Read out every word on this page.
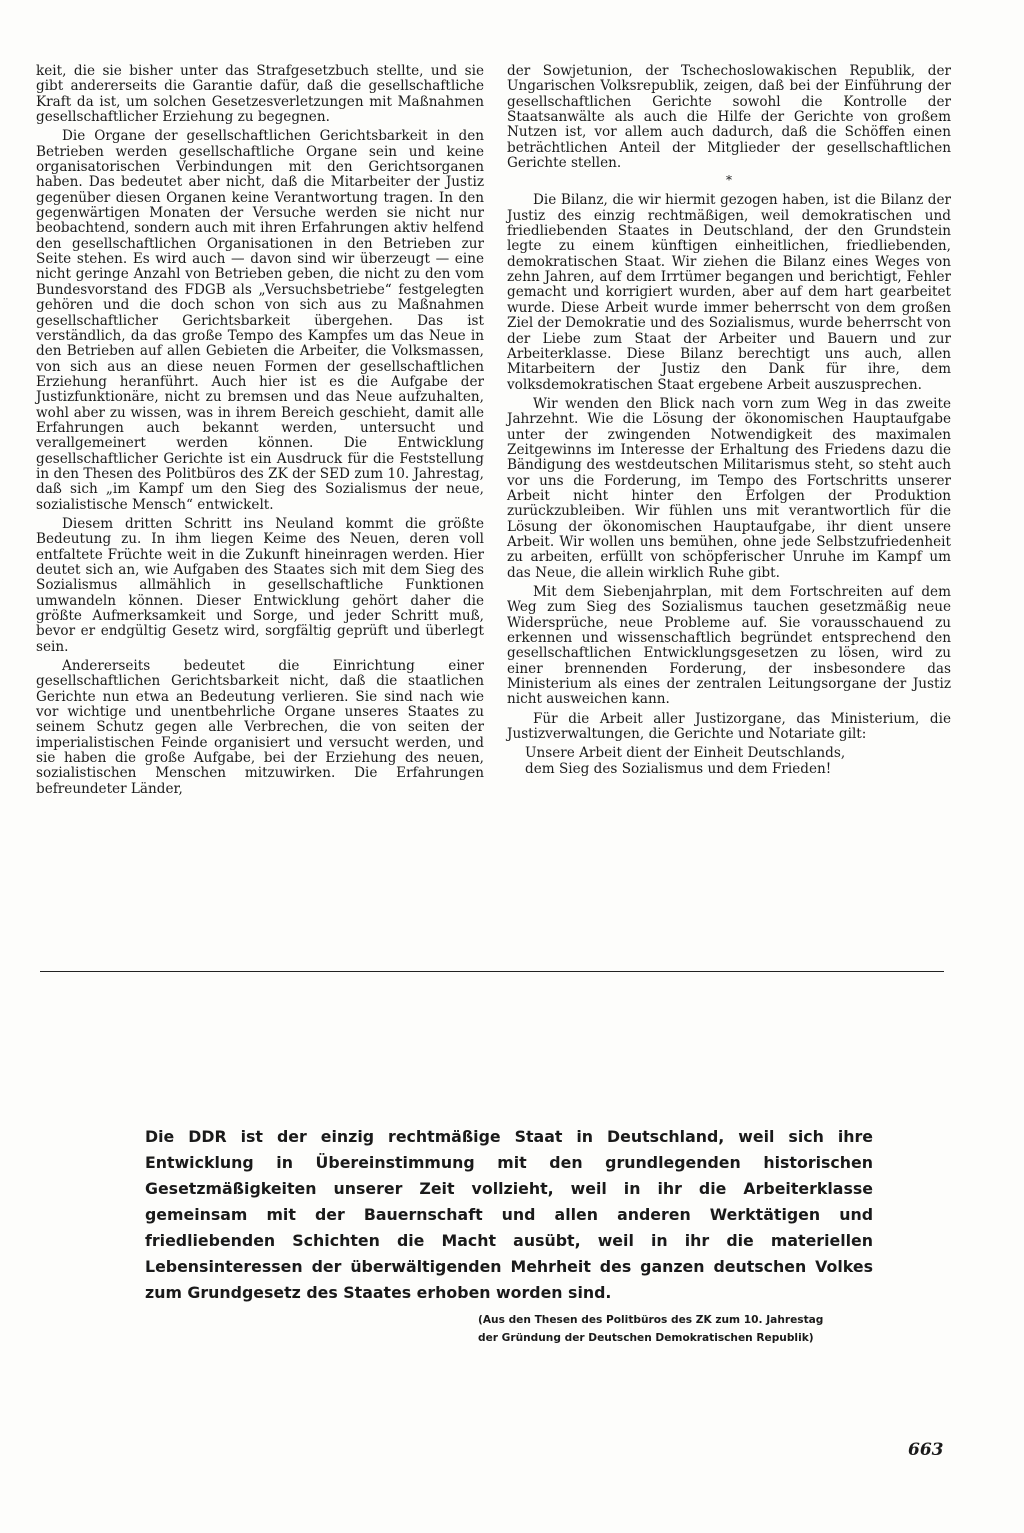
keit, die sie bisher unter das Strafgesetzbuch stellte, und sie gibt andererseits die Garantie dafür, daß die gesellschaftliche Kraft da ist, um solchen Gesetzesverletzungen mit Maßnahmen gesellschaftlicher Erziehung zu begegnen.

Die Organe der gesellschaftlichen Gerichtsbarkeit in den Betrieben werden gesellschaftliche Organe sein und keine organisatorischen Verbindungen mit den Gerichtsorganen haben. Das bedeutet aber nicht, daß die Mitarbeiter der Justiz gegenüber diesen Organen keine Verantwortung tragen. In den gegenwärtigen Monaten der Versuche werden sie nicht nur beobachtend, sondern auch mit ihren Erfahrungen aktiv helfend den gesellschaftlichen Organisationen in den Betrieben zur Seite stehen. Es wird auch — davon sind wir überzeugt — eine nicht geringe Anzahl von Betrieben geben, die nicht zu den vom Bundesvorstand des FDGB als „Versuchsbetriebe“ festgelegten gehören und die doch schon von sich aus zu Maßnahmen gesellschaftlicher Gerichtsbarkeit übergehen. Das ist verständlich, da das große Tempo des Kampfes um das Neue in den Betrieben auf allen Gebieten die Arbeiter, die Volksmassen, von sich aus an diese neuen Formen der gesellschaftlichen Erziehung heranführt. Auch hier ist es die Aufgabe der Justizfunktionäre, nicht zu bremsen und das Neue aufzuhalten, wohl aber zu wissen, was in ihrem Bereich geschieht, damit alle Erfahrungen auch bekannt werden, untersucht und verallgemeinert werden können. Die Entwicklung gesellschaftlicher Gerichte ist ein Ausdruck für die Feststellung in den Thesen des Politbüros des ZK der SED zum 10. Jahrestag, daß sich „im Kampf um den Sieg des Sozialismus der neue, sozialistische Mensch“ entwickelt.

Diesem dritten Schritt ins Neuland kommt die größte Bedeutung zu. In ihm liegen Keime des Neuen, deren voll entfaltete Früchte weit in die Zukunft hineinragen werden. Hier deutet sich an, wie Aufgaben des Staates sich mit dem Sieg des Sozialismus allmählich in gesellschaftliche Funktionen umwandeln können. Dieser Entwicklung gehört daher die größte Aufmerksamkeit und Sorge, und jeder Schritt muß, bevor er endgültig Gesetz wird, sorgfältig geprüft und überlegt sein.

Andererseits bedeutet die Einrichtung einer gesellschaftlichen Gerichtsbarkeit nicht, daß die staatlichen Gerichte nun etwa an Bedeutung verlieren. Sie sind nach wie vor wichtige und unentbehrliche Organe unseres Staates zu seinem Schutz gegen alle Verbrechen, die von seiten der imperialistischen Feinde organisiert und versucht werden, und sie haben die große Aufgabe, bei der Erziehung des neuen, sozialistischen Menschen mitzuwirken. Die Erfahrungen befreundeter Länder,

der Sowjetunion, der Tschechoslowakischen Republik, der Ungarischen Volksrepublik, zeigen, daß bei der Einführung der gesellschaftlichen Gerichte sowohl die Kontrolle der Staatsanwälte als auch die Hilfe der Gerichte von großem Nutzen ist, vor allem auch dadurch, daß die Schöffen einen beträchtlichen Anteil der Mitglieder der gesellschaftlichen Gerichte stellen.

*

Die Bilanz, die wir hiermit gezogen haben, ist die Bilanz der Justiz des einzig rechtmäßigen, weil demokratischen und friedliebenden Staates in Deutschland, der den Grundstein legte zu einem künftigen einheitlichen, friedliebenden, demokratischen Staat. Wir ziehen die Bilanz eines Weges von zehn Jahren, auf dem Irrtümer begangen und berichtigt, Fehler gemacht und korrigiert wurden, aber auf dem hart gearbeitet wurde. Diese Arbeit wurde immer beherrscht von dem großen Ziel der Demokratie und des Sozialismus, wurde beherrscht von der Liebe zum Staat der Arbeiter und Bauern und zur Arbeiterklasse. Diese Bilanz berechtigt uns auch, allen Mitarbeitern der Justiz den Dank für ihre, dem volksdemokratischen Staat ergebene Arbeit auszusprechen.

Wir wenden den Blick nach vorn zum Weg in das zweite Jahrzehnt. Wie die Lösung der ökonomischen Hauptaufgabe unter der zwingenden Notwendigkeit des maximalen Zeitgewinns im Interesse der Erhaltung des Friedens dazu die Bändigung des westdeutschen Militarismus steht, so steht auch vor uns die Forderung, im Tempo des Fortschritts unserer Arbeit nicht hinter den Erfolgen der Produktion zurückzubleiben. Wir fühlen uns mit verantwortlich für die Lösung der ökonomischen Hauptaufgabe, ihr dient unsere Arbeit. Wir wollen uns bemühen, ohne jede Selbstzufriedenheit zu arbeiten, erfüllt von schöpferischer Unruhe im Kampf um das Neue, die allein wirklich Ruhe gibt.

Mit dem Siebenjahrplan, mit dem Fortschreiten auf dem Weg zum Sieg des Sozialismus tauchen gesetzmäßig neue Widersprüche, neue Probleme auf. Sie vorausschauend zu erkennen und wissenschaftlich begründet entsprechend den gesellschaftlichen Entwicklungsgesetzen zu lösen, wird zu einer brennenden Forderung, der insbesondere das Ministerium als eines der zentralen Leitungsorgane der Justiz nicht ausweichen kann.

Für die Arbeit aller Justizorgane, das Ministerium, die Justizverwaltungen, die Gerichte und Notariate gilt:

Unsere Arbeit dient der Einheit Deutschlands,
dem Sieg des Sozialismus und dem Frieden!

Die DDR ist der einzig rechtmäßige Staat in Deutschland, weil sich ihre Entwicklung in Übereinstimmung mit den grundlegenden historischen Gesetzmäßigkeiten unserer Zeit vollzieht, weil in ihr die Arbeiterklasse gemeinsam mit der Bauernschaft und allen anderen Werktätigen und friedliebenden Schichten die Macht ausübt, weil in ihr die materiellen Lebensinteressen der überwältigenden Mehrheit des ganzen deutschen Volkes zum Grundgesetz des Staates erhoben worden sind.

(Aus den Thesen des Politbüros des ZK zum 10. Jahrestag
der Gründung der Deutschen Demokratischen Republik)

663
